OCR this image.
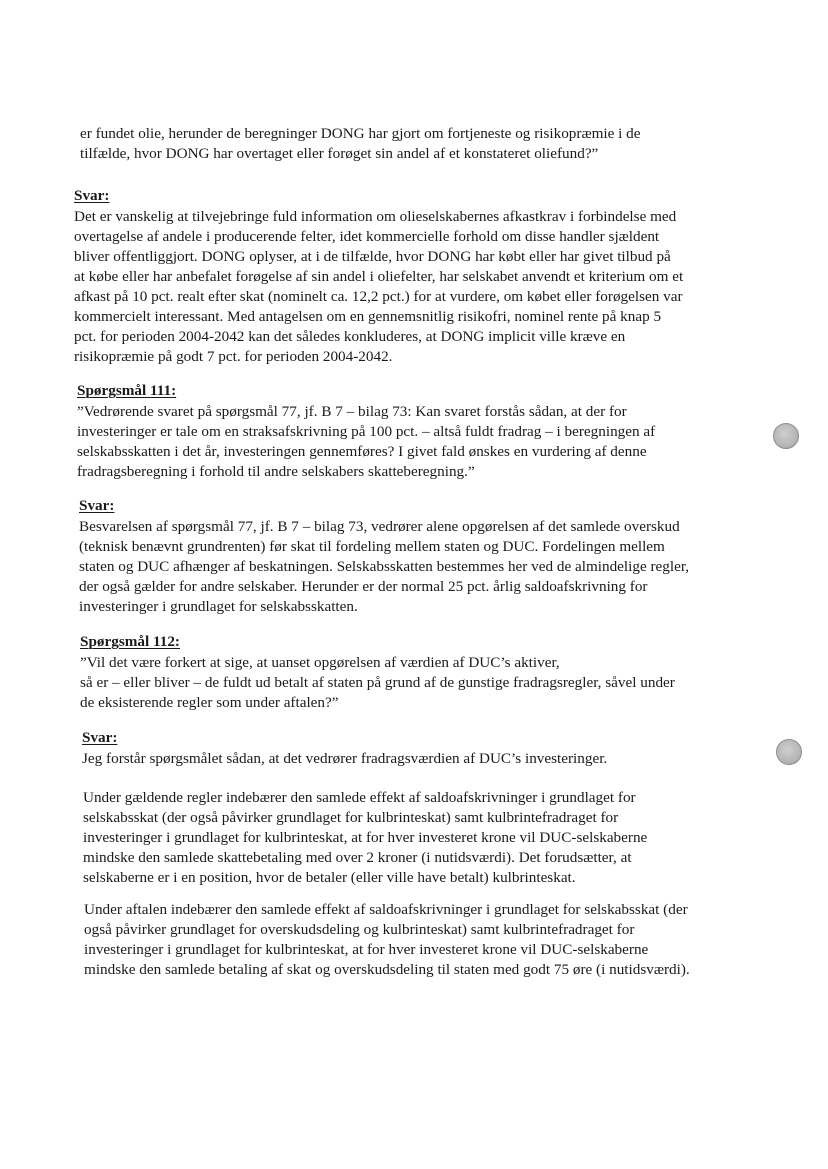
er fundet olie, herunder de beregninger DONG har gjort om fortjeneste og risikopræmie i de
tilfælde, hvor DONG har overtaget eller forøget sin andel af et konstateret oliefund?”

Svar:

Det er vanskelig at tilvejebringe fuld information om olieselskabernes afkastkrav i forbindelse med
overtagelse af andele i producerende felter, idet kommercielle forhold om disse handler sjældent
bliver offentliggjort. DONG oplyser, at i de tilfælde, hvor DONG har købt eller har givet tilbud på
at købe eller har anbefalet forøgelse af sin andel i oliefelter, har selskabet anvendt et kriterium om et
afkast på 10 pct. realt efter skat (nominelt ca. 12,2 pct.) for at vurdere, om købet eller forøgelsen var
kommercielt interessant. Med antagelsen om en gennemsnitlig risikofri, nominel rente på knap 5
pct. for perioden 2004-2042 kan det således konkluderes, at DONG implicit ville kræve en
risikopræmie på godt 7 pct. for perioden 2004-2042.

Spørgsmål 111:

”Vedrørende svaret på spørgsmål 77, jf. B 7 – bilag 73: Kan svaret forstås sådan, at der for
investeringer er tale om en straksafskrivning på 100 pct. – altså fuldt fradrag – i beregningen af
selskabsskatten i det år, investeringen gennemføres? I givet fald ønskes en vurdering af denne
fradragsberegning i forhold til andre selskabers skatteberegning.”

Svar:

Besvarelsen af spørgsmål 77, jf. B 7 – bilag 73, vedrører alene opgørelsen af det samlede overskud
(teknisk benævnt grundrenten) før skat til fordeling mellem staten og DUC. Fordelingen mellem
staten og DUC afhænger af beskatningen. Selskabsskatten bestemmes her ved de almindelige regler,
der også gælder for andre selskaber. Herunder er der normal 25 pct. årlig saldoafskrivning for
investeringer i grundlaget for selskabsskatten.

Spørgsmål 112:

”Vil det være forkert at sige, at uanset opgørelsen af værdien af DUC’s aktiver,
så er – eller bliver – de fuldt ud betalt af staten på grund af de gunstige fradragsregler, såvel under
de eksisterende regler som under aftalen?”

Svar:

Jeg forstår spørgsmålet sådan, at det vedrører fradragsværdien af DUC’s investeringer.

Under gældende regler indebærer den samlede effekt af saldoafskrivninger i grundlaget for
selskabsskat (der også påvirker grundlaget for kulbrinteskat) samt kulbrintefradraget for
investeringer i grundlaget for kulbrinteskat, at for hver investeret krone vil DUC-selskaberne
mindske den samlede skattebetaling med over 2 kroner (i nutidsværdi). Det forudsætter, at
selskaberne er i en position, hvor de betaler (eller ville have betalt) kulbrinteskat.

Under aftalen indebærer den samlede effekt af saldoafskrivninger i grundlaget for selskabsskat (der
også påvirker grundlaget for overskudsdeling og kulbrinteskat) samt kulbrintefradraget for
investeringer i grundlaget for kulbrinteskat, at for hver investeret krone vil DUC-selskaberne
mindske den samlede betaling af skat og overskudsdeling til staten med godt 75 øre (i nutidsværdi).
